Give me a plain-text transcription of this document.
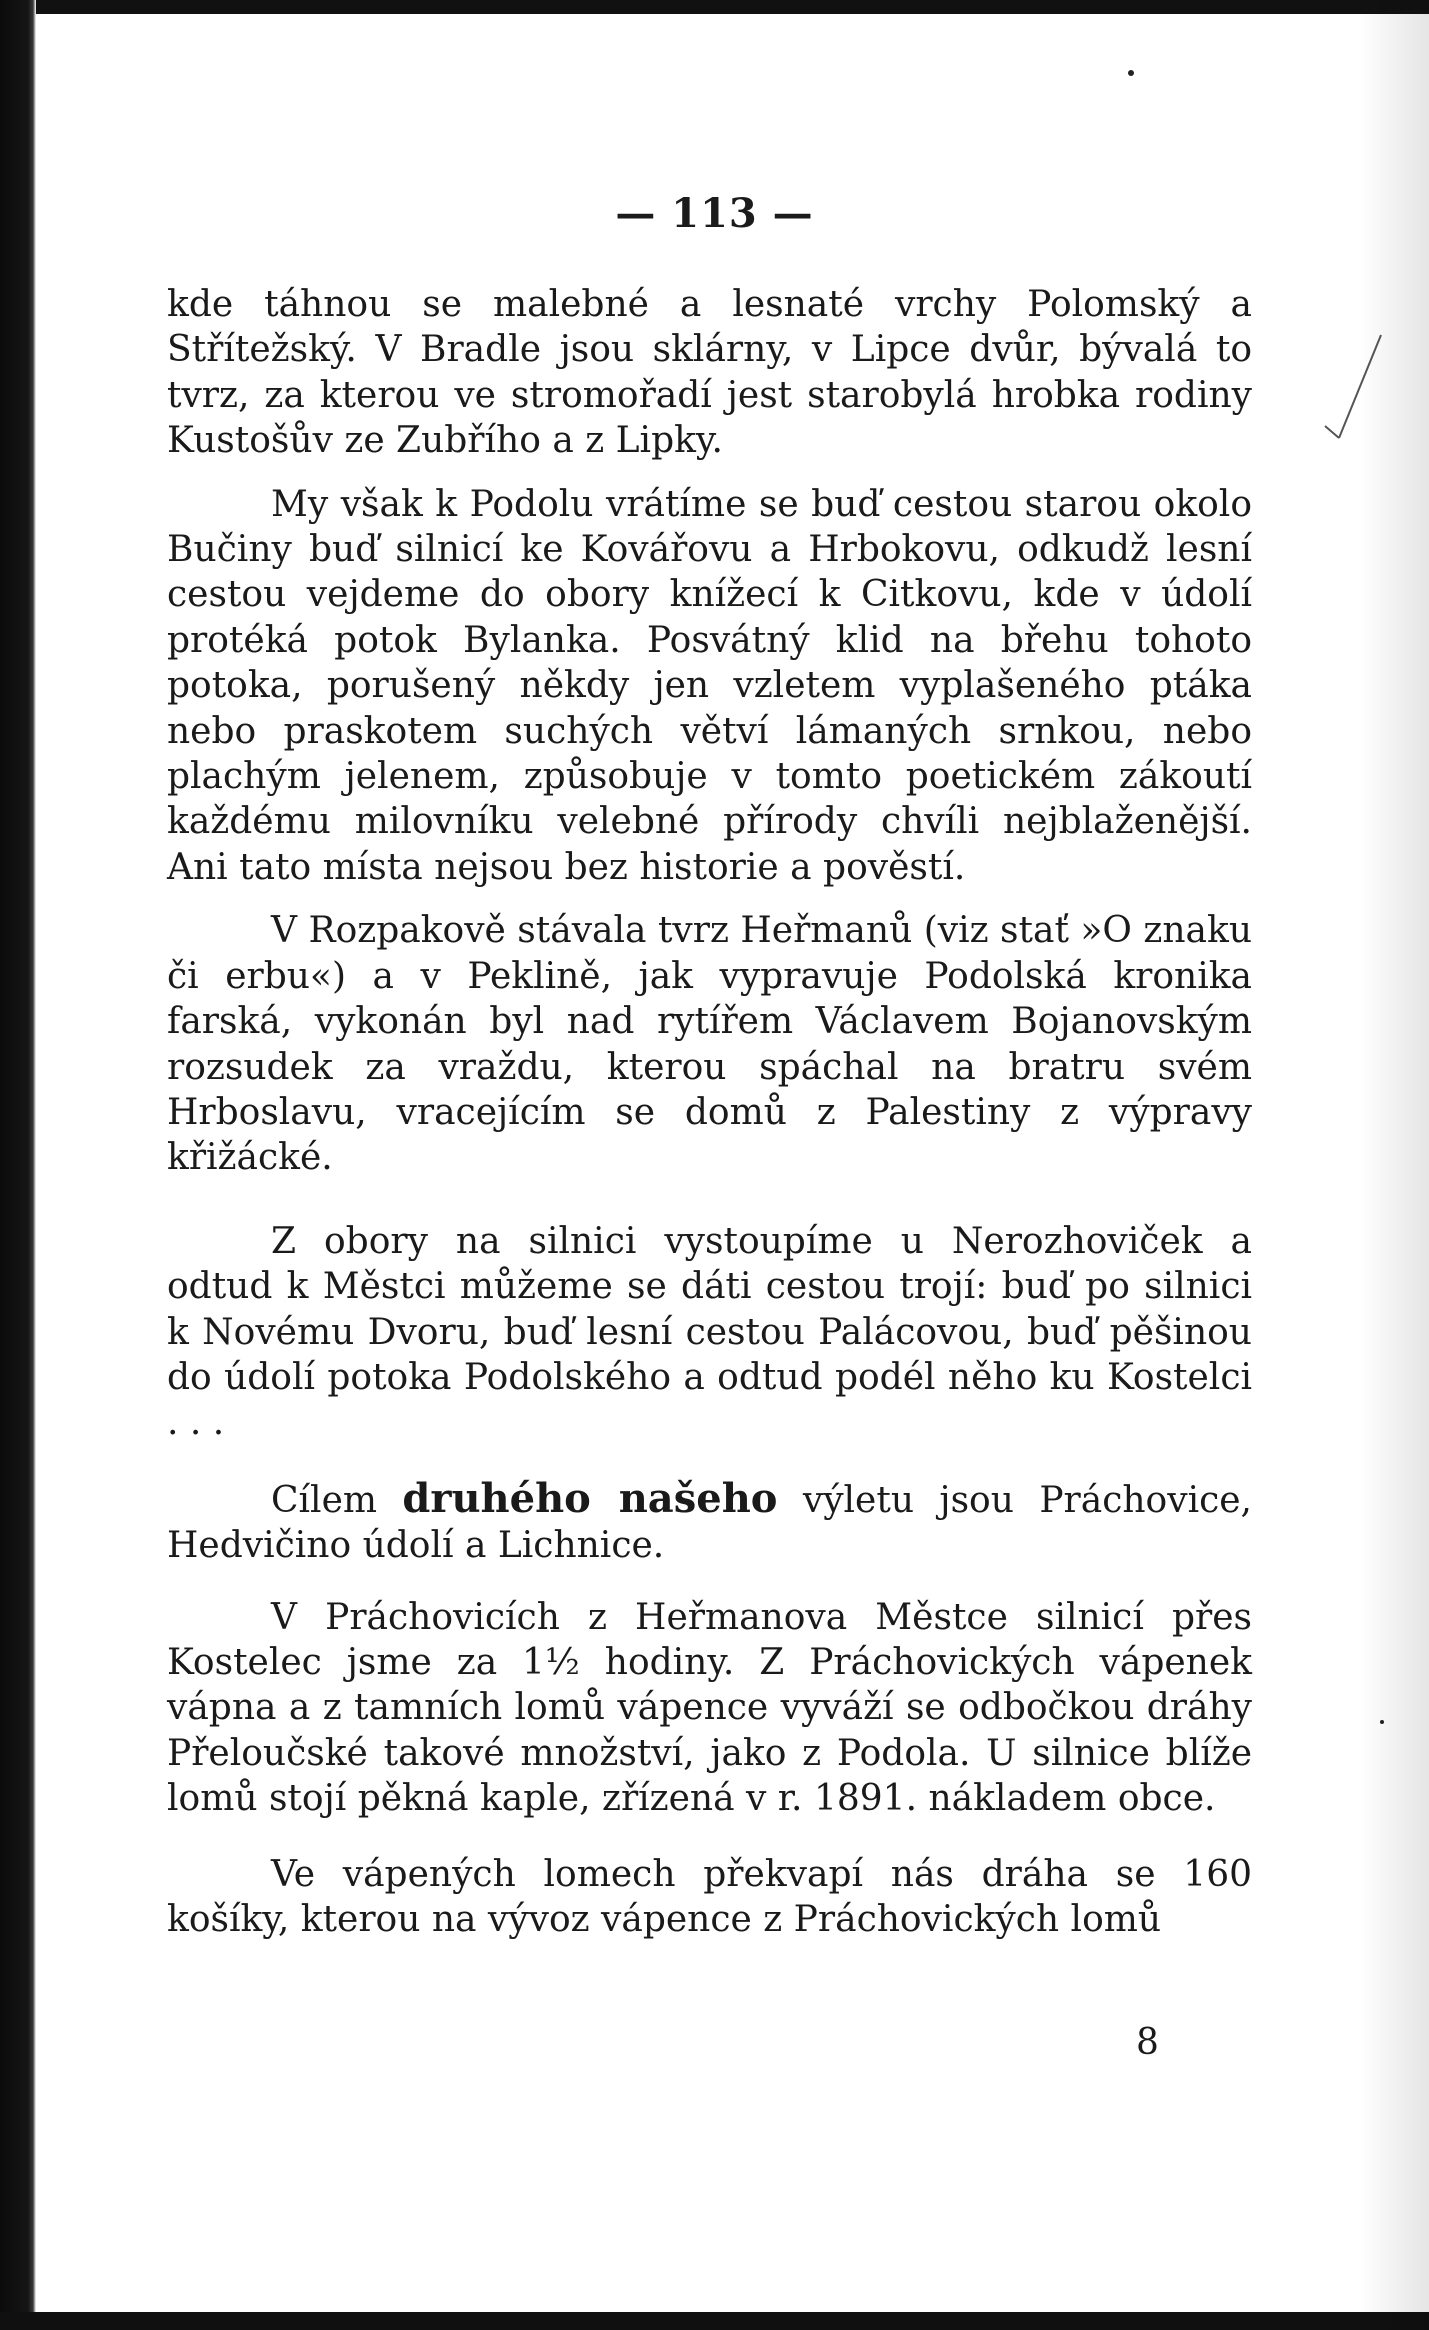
— 113 —

kde táhnou se malebné a lesnaté vrchy Polomský a Střítežský. V Bradle jsou sklárny, v Lipce dvůr, bývalá to tvrz, za kterou ve stromořadí jest starobylá hrobka rodiny Kustošův ze Zubřího a z Lipky.

My však k Podolu vrátíme se buď cestou starou okolo Bučiny buď silnicí ke Kovářovu a Hrbokovu, odkudž lesní cestou vejdeme do obory knížecí k Citkovu, kde v údolí protéká potok Bylanka. Posvátný klid na břehu tohoto potoka, porušený někdy jen vzletem vyplašeného ptáka nebo praskotem suchých větví lámaných srnkou, nebo plachým jelenem, způsobuje v tomto poetickém zákoutí každému milovníku velebné přírody chvíli nejblaženější. Ani tato místa nejsou bez historie a pověstí.

V Rozpakově stávala tvrz Heřmanů (viz stať »O znaku či erbu«) a v Peklině, jak vypravuje Podolská kronika farská, vykonán byl nad rytířem Václavem Bojanovským rozsudek za vraždu, kterou spáchal na bratru svém Hrboslavu, vracejícím se domů z Palestiny z výpravy křižácké.

Z obory na silnici vystoupíme u Nerozhoviček a odtud k Městci můžeme se dáti cestou trojí: buď po silnici k Novému Dvoru, buď lesní cestou Palácovou, buď pěšinou do údolí potoka Podolského a odtud podél něho ku Kostelci . . .

Cílem druhého našeho výletu jsou Práchovice, Hedvičino údolí a Lichnice.

V Práchovicích z Heřmanova Městce silnicí přes Kostelec jsme za 1½ hodiny. Z Práchovických vápenek vápna a z tamních lomů vápence vyváží se odbočkou dráhy Přeloučské takové množství, jako z Podola. U silnice blíže lomů stojí pěkná kaple, zřízená v r. 1891. nákladem obce.

Ve vápených lomech překvapí nás dráha se 160 košíky, kterou na vývoz vápence z Práchovických lomů

8
